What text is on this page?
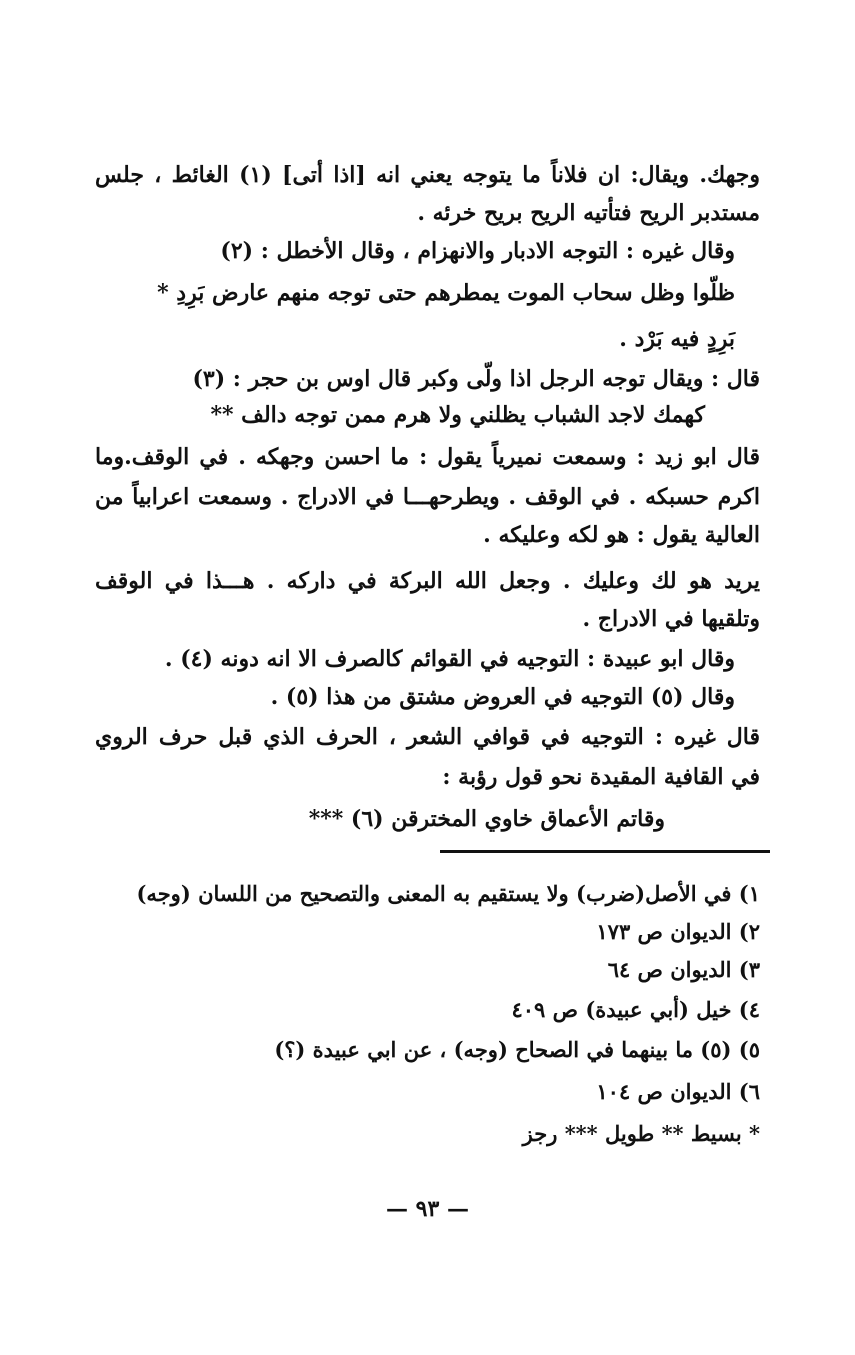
وجهك. ويقال: ان فلاناً ما يتوجه يعني انه [اذا أتى] (١) الغائط ، جلس
مستدبر الريح فتأتيه الريح بريح خرئه .
وقال غيره : التوجه الادبار والانهزام ، وقال الأخطل : (٢)
ظلّوا وظل سحاب الموت يمطرهم حتى توجه منهم عارض بَرِدِ *
بَرِدٍ فيه بَرْد .
قال : ويقال توجه الرجل اذا ولّى وكبر قال اوس بن حجر : (٣)
كهمك لاجد الشباب يظلني ولا هرم ممن توجه دالف **
قال ابو زيد : وسمعت نميرياً يقول : ما احسن وجهكه . في الوقف.وما
اكرم حسبكه . في الوقف . ويطرحهـــا في الادراج . وسمعت اعرابياً من
العالية يقول : هو لكه وعليكه .
يريد هو لك وعليك . وجعل الله البركة في داركه . هـــذا في الوقف
وتلقيها في الادراج .
وقال ابو عبيدة : التوجيه في القوائم كالصرف الا انه دونه (٤) .
وقال (٥) التوجيه في العروض مشتق من هذا (٥) .
قال غيره : التوجيه في قوافي الشعر ، الحرف الذي قبل حرف الروي
في القافية المقيدة نحو قول رؤبة :
وقاتم الأعماق خاوي المخترقن (٦) ***
١) في الأصل(ضرب) ولا يستقيم به المعنى والتصحيح من اللسان (وجه)
٢) الديوان ص ١٧٣
٣) الديوان ص ٦٤
٤) خيل (أبي عبيدة) ص ٤٠٩
٥) (٥) ما بينهما في الصحاح (وجه) ، عن ابي عبيدة (؟)
٦) الديوان ص ١٠٤
* بسيط ** طويل *** رجز
— ٩٣ —
